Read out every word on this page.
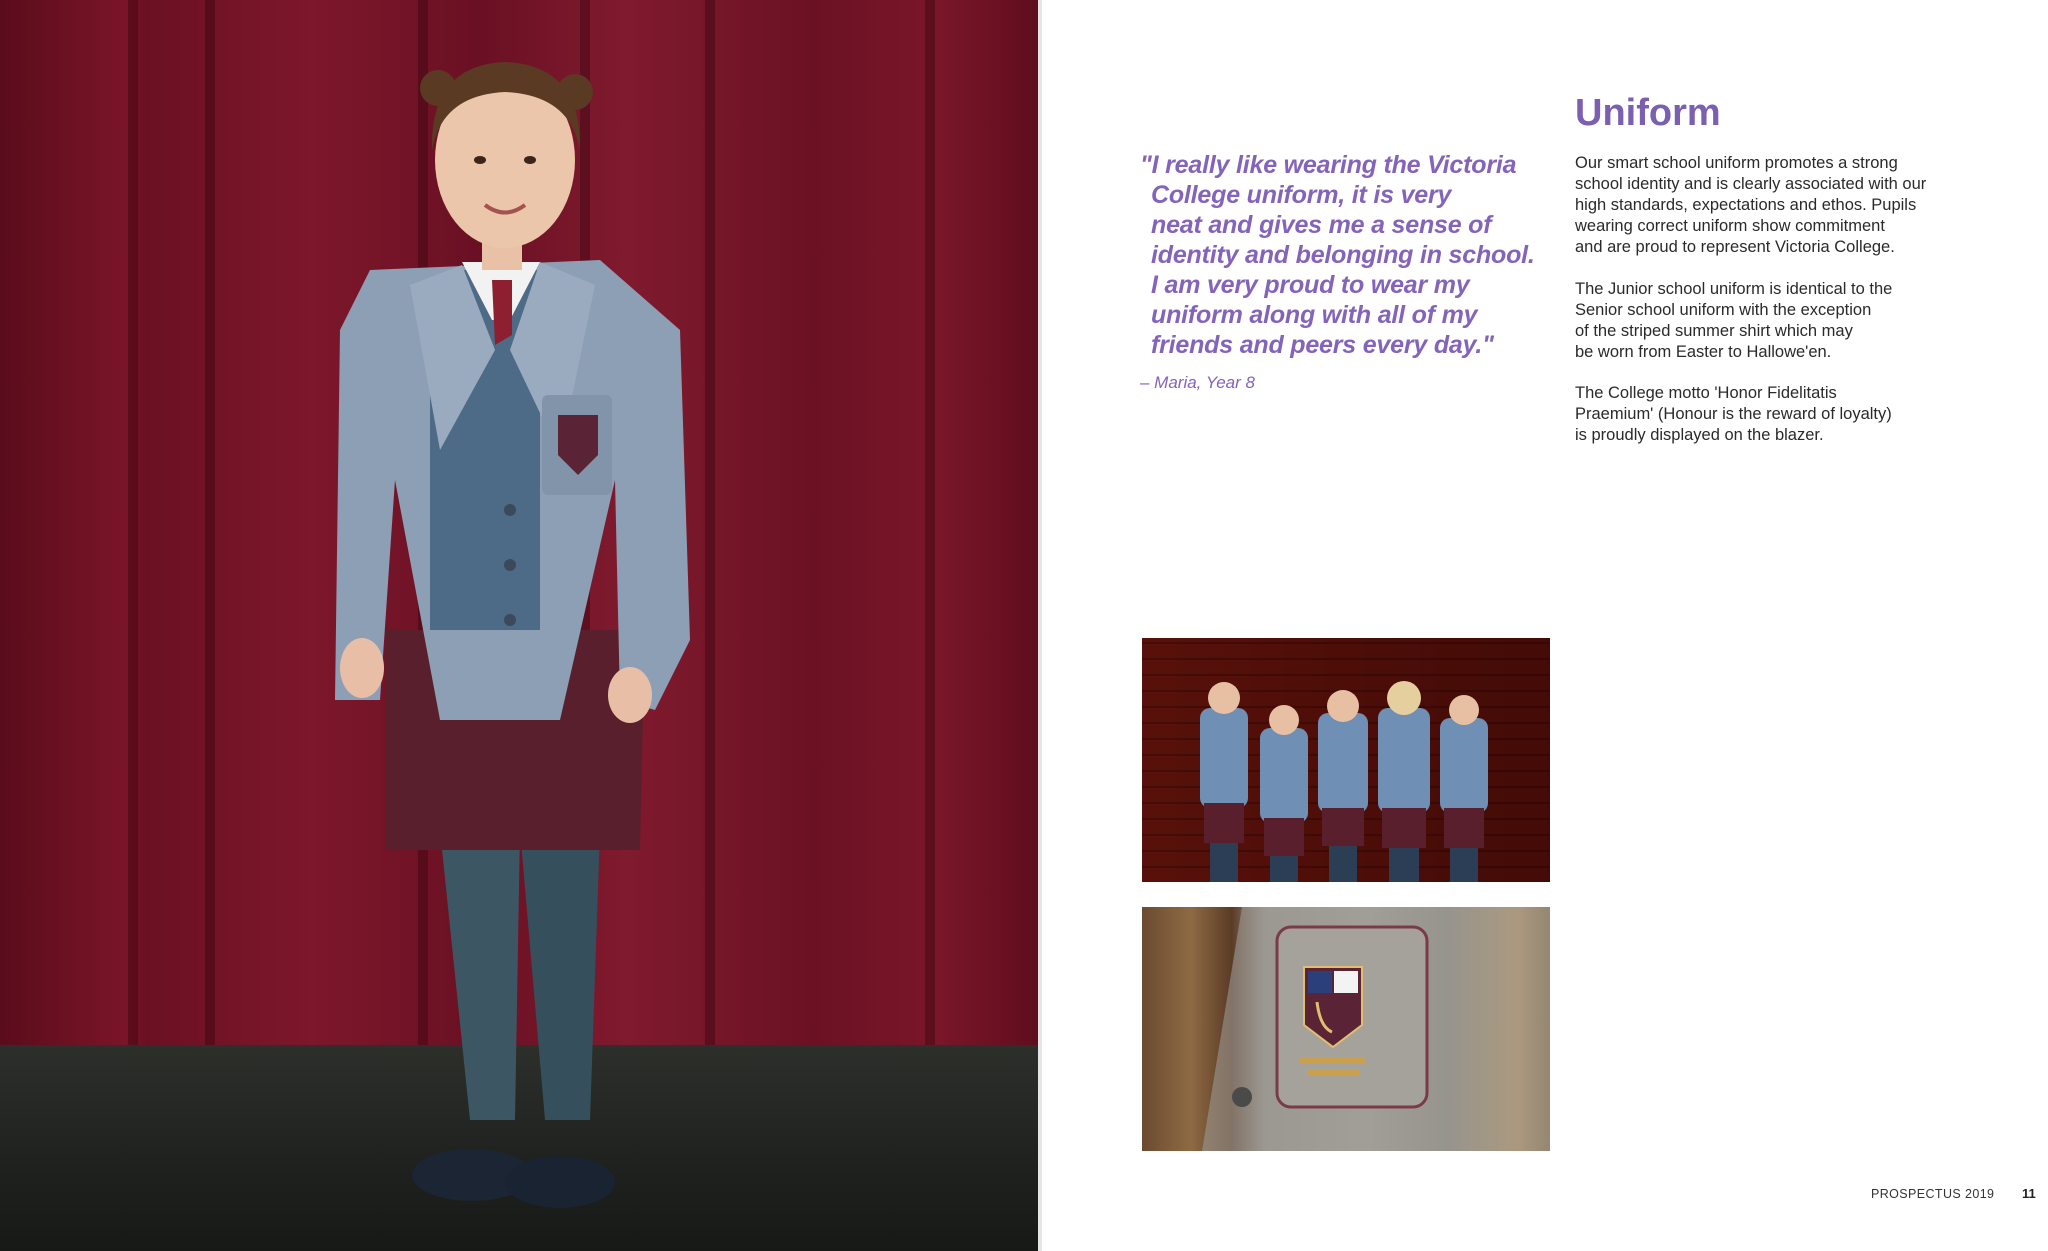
Uniform
"I really like wearing the Victoria
College uniform, it is very
neat and gives me a sense of
identity and belonging in school.
I am very proud to wear my
uniform along with all of my
friends and peers every day."
– Maria, Year 8
Our smart school uniform promotes a strong
school identity and is clearly associated with our
high standards, expectations and ethos. Pupils
wearing correct uniform show commitment
and are proud to represent Victoria College.
The Junior school uniform is identical to the
Senior school uniform with the exception
of the striped summer shirt which may
be worn from Easter to Hallowe'en.
The College motto 'Honor Fidelitatis
Praemium' (Honour is the reward of loyalty)
is proudly displayed on the blazer.
PROSPECTUS 2019 11
